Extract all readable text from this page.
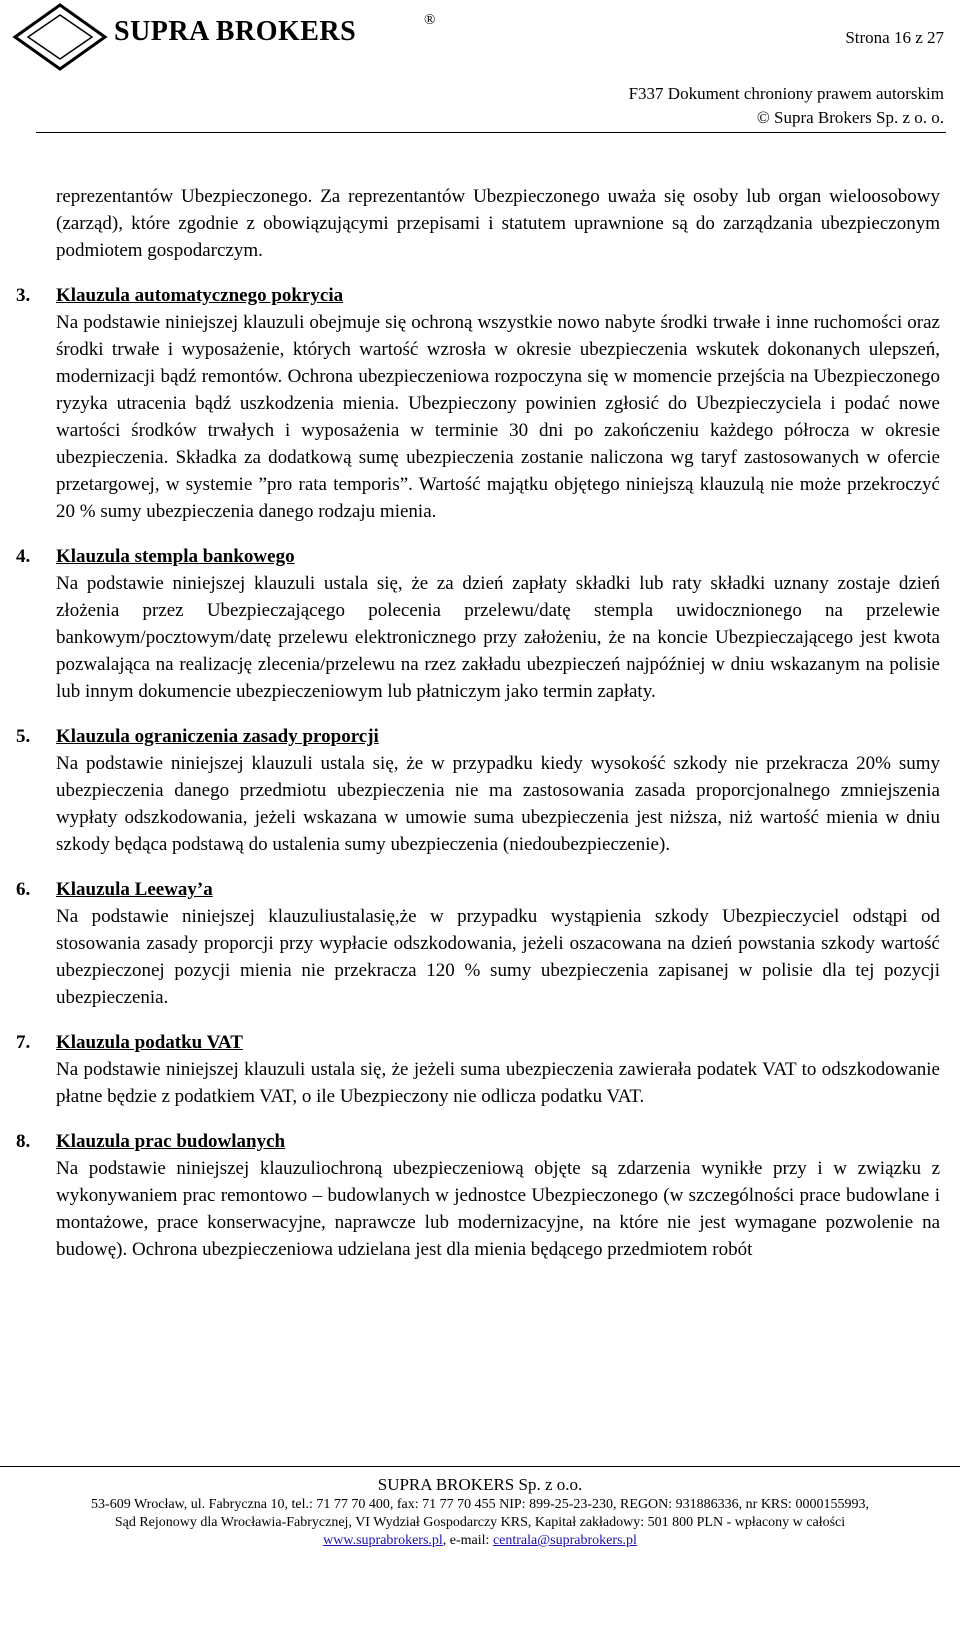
SUPRA BROKERS	®
Strona 16 z 27
F337 Dokument chroniony prawem autorskim
© Supra Brokers Sp. z o. o.

reprezentantów Ubezpieczonego. Za reprezentantów Ubezpieczonego uważa się osoby lub organ wieloosobowy (zarząd), które zgodnie z obowiązującymi przepisami i statutem uprawnione są do zarządzania ubezpieczonym podmiotem gospodarczym.

3. Klauzula automatycznego pokrycia

Na podstawie niniejszej klauzuli obejmuje się ochroną wszystkie nowo nabyte środki trwałe i inne ruchomości oraz środki trwałe i wyposażenie, których wartość wzrosła w okresie ubezpieczenia wskutek dokonanych ulepszeń, modernizacji bądź remontów. Ochrona ubezpieczeniowa rozpoczyna się w momencie przejścia na Ubezpieczonego ryzyka utracenia bądź uszkodzenia mienia. Ubezpieczony powinien zgłosić do Ubezpieczyciela i podać nowe wartości środków trwałych i wyposażenia w terminie 30 dni po zakończeniu każdego półrocza w okresie ubezpieczenia. Składka za dodatkową sumę ubezpieczenia zostanie naliczona wg taryf zastosowanych w ofercie przetargowej, w systemie ”pro rata temporis”. Wartość majątku objętego niniejszą klauzulą nie może przekroczyć 20 % sumy ubezpieczenia danego rodzaju mienia.

4. Klauzula stempla bankowego

Na podstawie niniejszej klauzuli ustala się, że za dzień zapłaty składki lub raty składki uznany zostaje dzień złożenia przez Ubezpieczającego polecenia przelewu/datę stempla uwidocznionego na przelewie bankowym/pocztowym/datę przelewu elektronicznego przy założeniu, że na koncie Ubezpieczającego jest kwota pozwalająca na realizację zlecenia/przelewu na rzez zakładu ubezpieczeń najpóźniej w dniu wskazanym na polisie lub innym dokumencie ubezpieczeniowym lub płatniczym jako termin zapłaty.

5. Klauzula ograniczenia zasady proporcji

Na podstawie niniejszej klauzuli ustala się, że w przypadku kiedy wysokość szkody nie przekracza 20% sumy ubezpieczenia danego przedmiotu ubezpieczenia nie ma zastosowania zasada proporcjonalnego zmniejszenia wypłaty odszkodowania, jeżeli wskazana w umowie suma ubezpieczenia jest niższa, niż wartość mienia w dniu szkody będąca podstawą do ustalenia sumy ubezpieczenia (niedoubezpieczenie).

6. Klauzula Leeway’a

Na podstawie niniejszej klauzuliustalasię,że w przypadku wystąpienia szkody Ubezpieczyciel odstąpi od stosowania zasady proporcji przy wypłacie odszkodowania, jeżeli oszacowana na dzień powstania szkody wartość ubezpieczonej pozycji mienia nie przekracza 120 % sumy ubezpieczenia zapisanej w polisie dla tej pozycji ubezpieczenia.

7. Klauzula podatku VAT

Na podstawie niniejszej klauzuli ustala się, że jeżeli suma ubezpieczenia zawierała podatek VAT to odszkodowanie płatne będzie z podatkiem VAT, o ile Ubezpieczony nie odlicza podatku VAT.

8. Klauzula prac budowlanych

Na podstawie niniejszej klauzuliochroną ubezpieczeniową objęte są zdarzenia wynikłe przy i w związku z wykonywaniem prac remontowo – budowlanych w jednostce Ubezpieczonego (w szczególności prace budowlane i montażowe, prace konserwacyjne, naprawcze lub modernizacyjne, na które nie jest wymagane pozwolenie na budowę). Ochrona ubezpieczeniowa udzielana jest dla mienia będącego przedmiotem robót

SUPRA BROKERS Sp. z o.o.
53-609 Wrocław, ul. Fabryczna 10, tel.: 71 77 70 400, fax: 71 77 70 455 NIP: 899-25-23-230, REGON: 931886336, nr KRS: 0000155993,
Sąd Rejonowy dla Wrocławia-Fabrycznej, VI Wydział Gospodarczy KRS, Kapitał zakładowy: 501 800 PLN - wpłacony w całości
www.suprabrokers.pl, e-mail: centrala@suprabrokers.pl
